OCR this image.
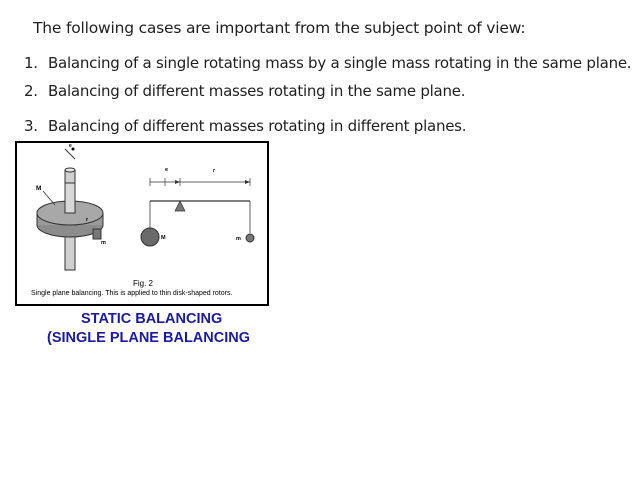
The following cases are important from the subject point of view:
1. Balancing of a single rotating mass by a single mass rotating in the same plane.
2. Balancing of different masses rotating in the same plane.
3. Balancing of different masses rotating in different planes.
M
r
m
e	r
M	m
e
Fig. 2
Single plane balancing. This is applied to thin disk-shaped rotors.
STATIC BALANCING
(SINGLE PLANE BALANCING
